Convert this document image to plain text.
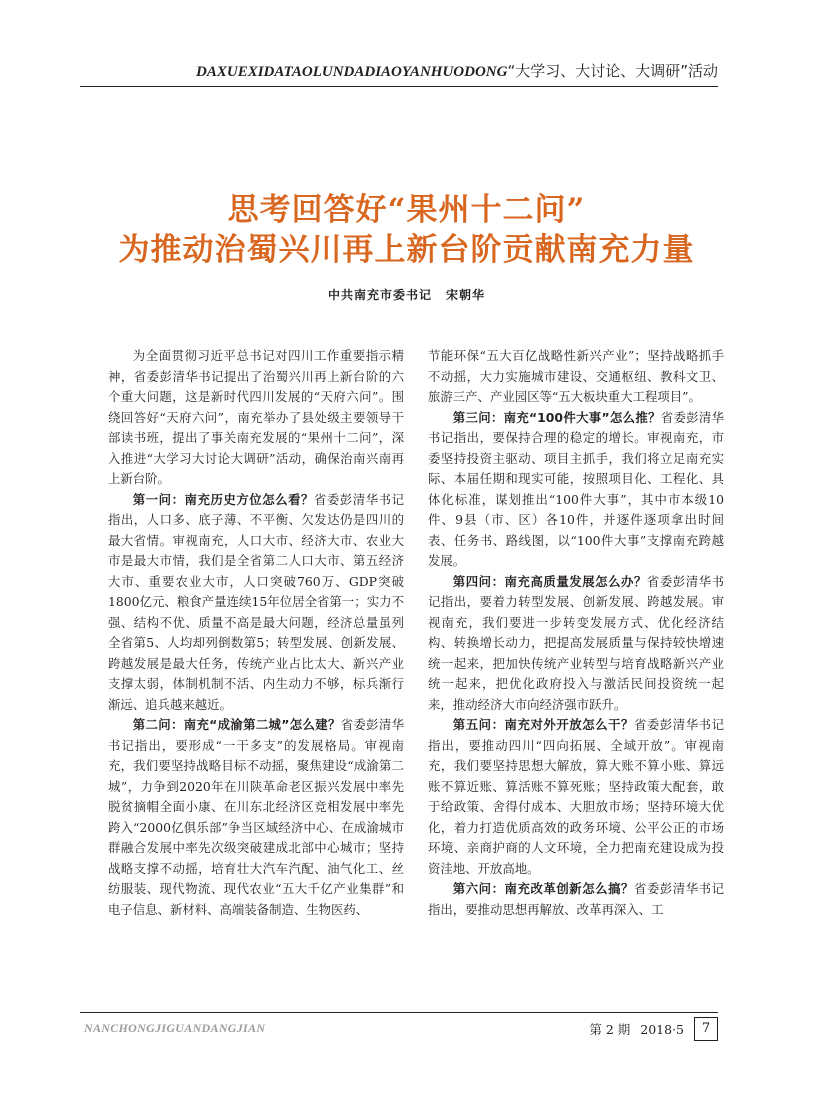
DAXUEXIDATAOLUNDADIAOYANHUODONG“大学习、大讨论、大调研”活动
思考回答好“果州十二问”
为推动治蜀兴川再上新台阶贡献南充力量
中共南充市委书记 宋朝华

为全面贯彻习近平总书记对四川工作重要指示精神，省委彭清华书记提出了治蜀兴川再上新台阶的六个重大问题，这是新时代四川发展的“天府六问”。围绕回答好“天府六问”，南充举办了县处级主要领导干部读书班，提出了事关南充发展的“果州十二问”，深入推进“大学习大讨论大调研”活动，确保治南兴南再上新台阶。

第一问：南充历史方位怎么看？省委彭清华书记指出，人口多、底子薄、不平衡、欠发达仍是四川的最大省情。审视南充，人口大市、经济大市、农业大市是最大市情，我们是全省第二人口大市、第五经济大市、重要农业大市，人口突破760万、GDP突破1800亿元、粮食产量连续15年位居全省第一；实力不强、结构不优、质量不高是最大问题，经济总量虽列全省第5、人均却列倒数第5；转型发展、创新发展、跨越发展是最大任务，传统产业占比太大、新兴产业支撑太弱，体制机制不活、内生动力不够，标兵渐行渐远、追兵越来越近。

第二问：南充“成渝第二城”怎么建？省委彭清华书记指出，要形成“一干多支”的发展格局。审视南充，我们要坚持战略目标不动摇，聚焦建设“成渝第二城”，力争到2020年在川陕革命老区振兴发展中率先脱贫摘帽全面小康、在川东北经济区竞相发展中率先跨入“2000亿俱乐部”争当区域经济中心、在成渝城市群融合发展中率先次级突破建成北部中心城市；坚持战略支撑不动摇，培育壮大汽车汽配、油气化工、丝纺服装、现代物流、现代农业“五大千亿产业集群”和电子信息、新材料、高端装备制造、生物医药、

节能环保“五大百亿战略性新兴产业”；坚持战略抓手不动摇，大力实施城市建设、交通枢纽、教科文卫、旅游三产、产业园区等“五大板块重大工程项目”。

第三问：南充“100件大事”怎么推？省委彭清华书记指出，要保持合理的稳定的增长。审视南充，市委坚持投资主驱动、项目主抓手，我们将立足南充实际、本届任期和现实可能，按照项目化、工程化、具体化标准，谋划推出“100件大事”，其中市本级10件、9县（市、区）各10件，并逐件逐项拿出时间表、任务书、路线图，以“100件大事”支撑南充跨越发展。

第四问：南充高质量发展怎么办？省委彭清华书记指出，要着力转型发展、创新发展、跨越发展。审视南充，我们要进一步转变发展方式、优化经济结构、转换增长动力，把提高发展质量与保持较快增速统一起来，把加快传统产业转型与培育战略新兴产业统一起来，把优化政府投入与激活民间投资统一起来，推动经济大市向经济强市跃升。

第五问：南充对外开放怎么干？省委彭清华书记指出，要推动四川“四向拓展、全域开放”。审视南充，我们要坚持思想大解放，算大账不算小账、算远账不算近账、算活账不算死账；坚持政策大配套，敢于给政策、舍得付成本、大胆放市场；坚持环境大优化，着力打造优质高效的政务环境、公平公正的市场环境、亲商护商的人文环境，全力把南充建设成为投资洼地、开放高地。

第六问：南充改革创新怎么搞？省委彭清华书记指出，要推动思想再解放、改革再深入、工

NANCHONGJIGUANDANGJIAN	第 2 期 2018·5	7
